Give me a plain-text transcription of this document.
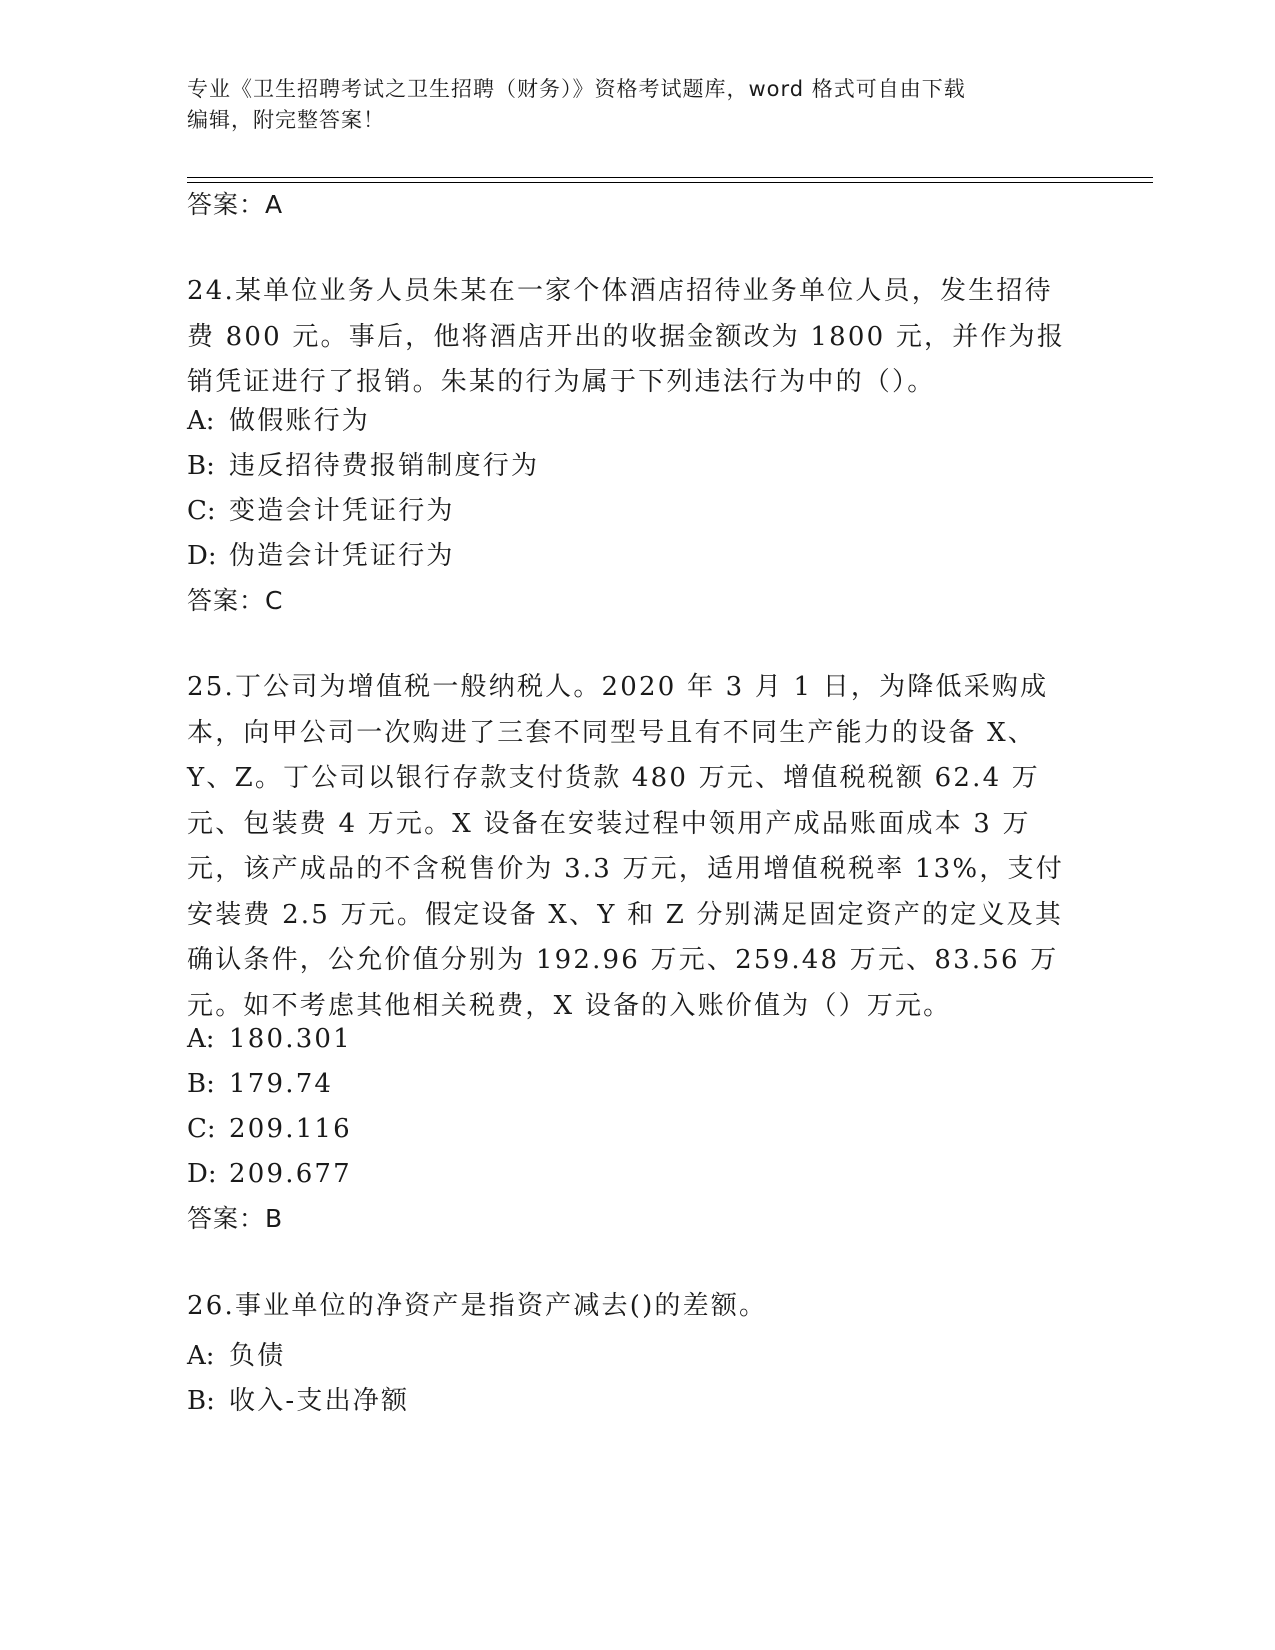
专业《卫生招聘考试之卫生招聘（财务）》资格考试题库，word 格式可自由下载
编辑，附完整答案！
答案：A
24.某单位业务人员朱某在一家个体酒店招待业务单位人员，发生招待费 800 元。事后，他将酒店开出的收据金额改为 1800 元，并作为报销凭证进行了报销。朱某的行为属于下列违法行为中的（）。
A: 做假账行为
B: 违反招待费报销制度行为
C: 变造会计凭证行为
D: 伪造会计凭证行为
答案：C
25.丁公司为增值税一般纳税人。2020 年 3 月 1 日，为降低采购成本，向甲公司一次购进了三套不同型号且有不同生产能力的设备 X、Y、Z。丁公司以银行存款支付货款 480 万元、增值税税额 62.4 万元、包装费 4 万元。X 设备在安装过程中领用产成品账面成本 3 万元，该产成品的不含税售价为 3.3 万元，适用增值税税率 13%，支付安装费 2.5 万元。假定设备 X、Y 和 Z 分别满足固定资产的定义及其确认条件，公允价值分别为 192.96 万元、259.48 万元、83.56 万元。如不考虑其他相关税费，X 设备的入账价值为（）万元。
A: 180.301
B: 179.74
C: 209.116
D: 209.677
答案：B
26.事业单位的净资产是指资产减去()的差额。
A: 负债
B: 收入-支出净额
